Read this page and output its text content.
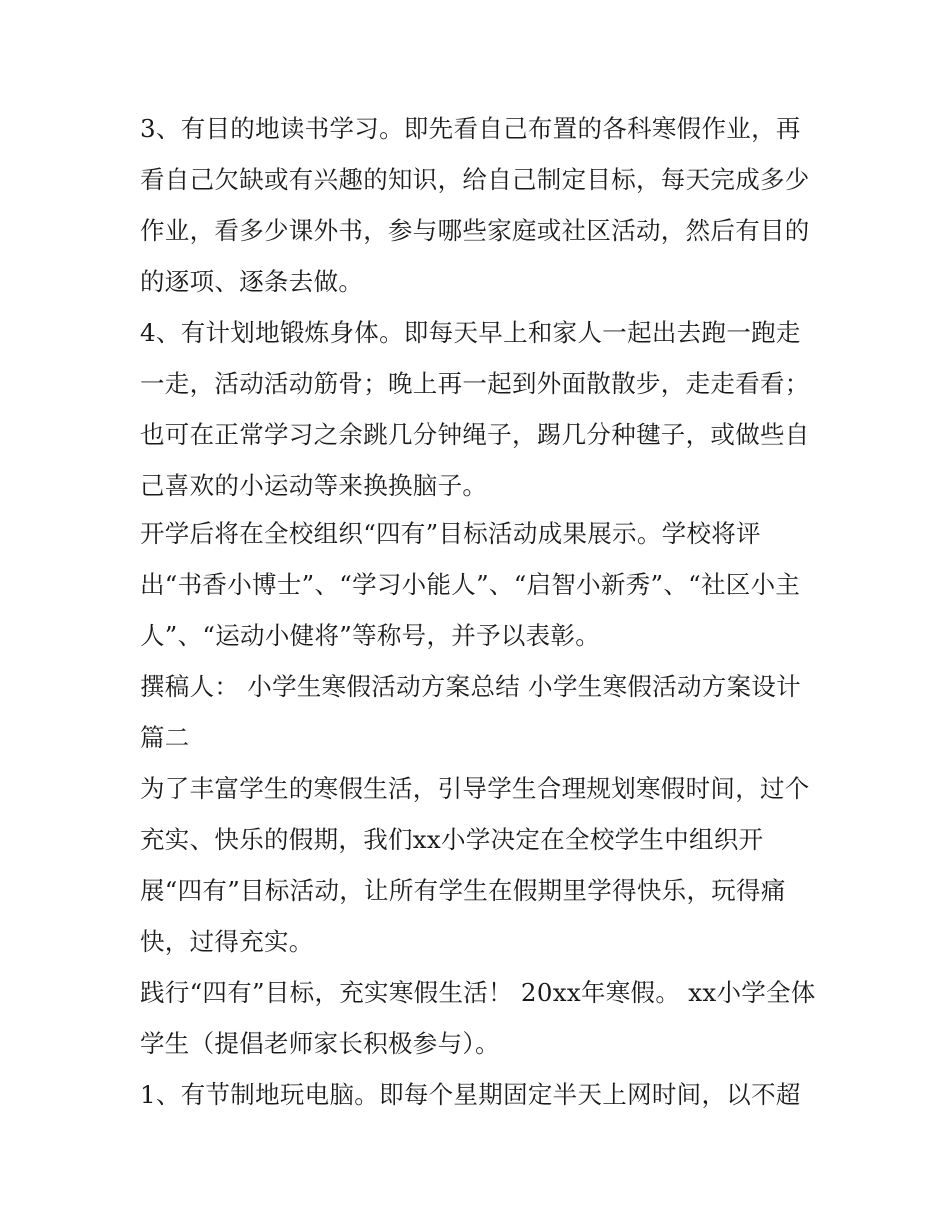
3、有目的地读书学习。即先看自己布置的各科寒假作业，再
看自己欠缺或有兴趣的知识，给自己制定目标，每天完成多少
作业，看多少课外书，参与哪些家庭或社区活动，然后有目的
的逐项、逐条去做。
4、有计划地锻炼身体。即每天早上和家人一起出去跑一跑走
一走，活动活动筋骨；晚上再一起到外面散散步，走走看看；
也可在正常学习之余跳几分钟绳子，踢几分种毽子，或做些自
己喜欢的小运动等来换换脑子。
开学后将在全校组织“四有”目标活动成果展示。学校将评
出“书香小博士”、“学习小能人”、“启智小新秀”、“社区小主
人”、“运动小健将”等称号，并予以表彰。
撰稿人： 小学生寒假活动方案总结 小学生寒假活动方案设计
篇二
为了丰富学生的寒假生活，引导学生合理规划寒假时间，过个
充实、快乐的假期，我们xx小学决定在全校学生中组织开
展“四有”目标活动，让所有学生在假期里学得快乐，玩得痛
快，过得充实。
践行“四有”目标，充实寒假生活！ 20xx年寒假。 xx小学全体
学生（提倡老师家长积极参与）。
1、有节制地玩电脑。即每个星期固定半天上网时间，以不超
